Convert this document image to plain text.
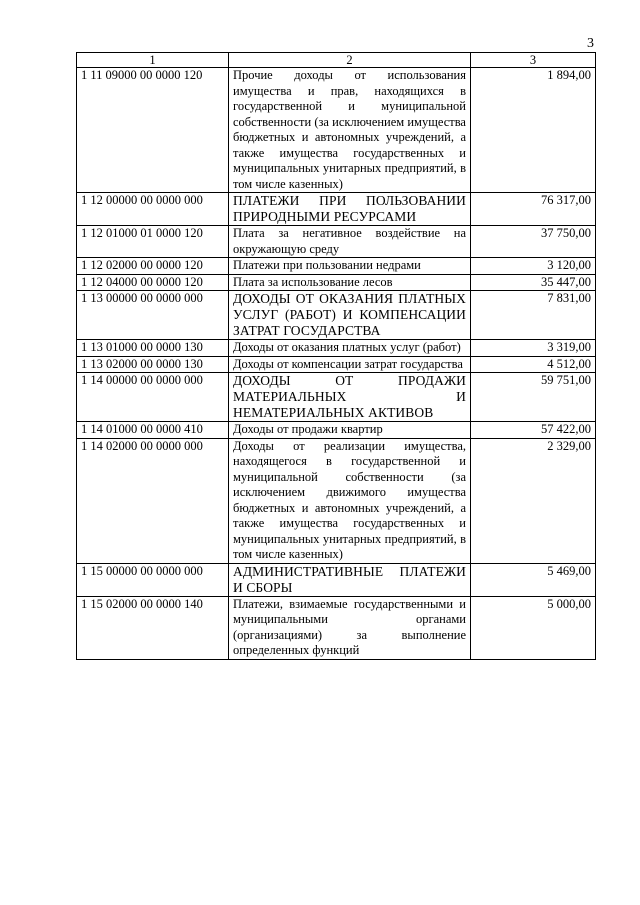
3
1	2	3
1 11 09000 00 0000 120	Прочие доходы от использования имущества и прав, находящихся в государственной и муниципальной собственности (за исключением имущества бюджетных и автономных учреждений, а также имущества государственных и муниципальных унитарных предприятий, в том числе казенных)	1 894,00
1 12 00000 00 0000 000	ПЛАТЕЖИ ПРИ ПОЛЬЗОВАНИИ ПРИРОДНЫМИ РЕСУРСАМИ	76 317,00
1 12 01000 01 0000 120	Плата за негативное воздействие на окружающую среду	37 750,00
1 12 02000 00 0000 120	Платежи при пользовании недрами	3 120,00
1 12 04000 00 0000 120	Плата за использование лесов	35 447,00
1 13 00000 00 0000 000	ДОХОДЫ ОТ ОКАЗАНИЯ ПЛАТНЫХ УСЛУГ (РАБОТ) И КОМПЕНСАЦИИ ЗАТРАТ ГОСУДАРСТВА	7 831,00
1 13 01000 00 0000 130	Доходы от оказания платных услуг (работ)	3 319,00
1 13 02000 00 0000 130	Доходы от компенсации затрат государства	4 512,00
1 14 00000 00 0000 000	ДОХОДЫ ОТ ПРОДАЖИ МАТЕРИАЛЬНЫХ И НЕМАТЕРИАЛЬНЫХ АКТИВОВ	59 751,00
1 14 01000 00 0000 410	Доходы от продажи квартир	57 422,00
1 14 02000 00 0000 000	Доходы от реализации имущества, находящегося в государственной и муниципальной собственности (за исключением движимого имущества бюджетных и автономных учреждений, а также имущества государственных и муниципальных унитарных предприятий, в том числе казенных)	2 329,00
1 15 00000 00 0000 000	АДМИНИСТРАТИВНЫЕ ПЛАТЕЖИ И СБОРЫ	5 469,00
1 15 02000 00 0000 140	Платежи, взимаемые государственными и муниципальными органами (организациями) за выполнение определенных функций	5 000,00
